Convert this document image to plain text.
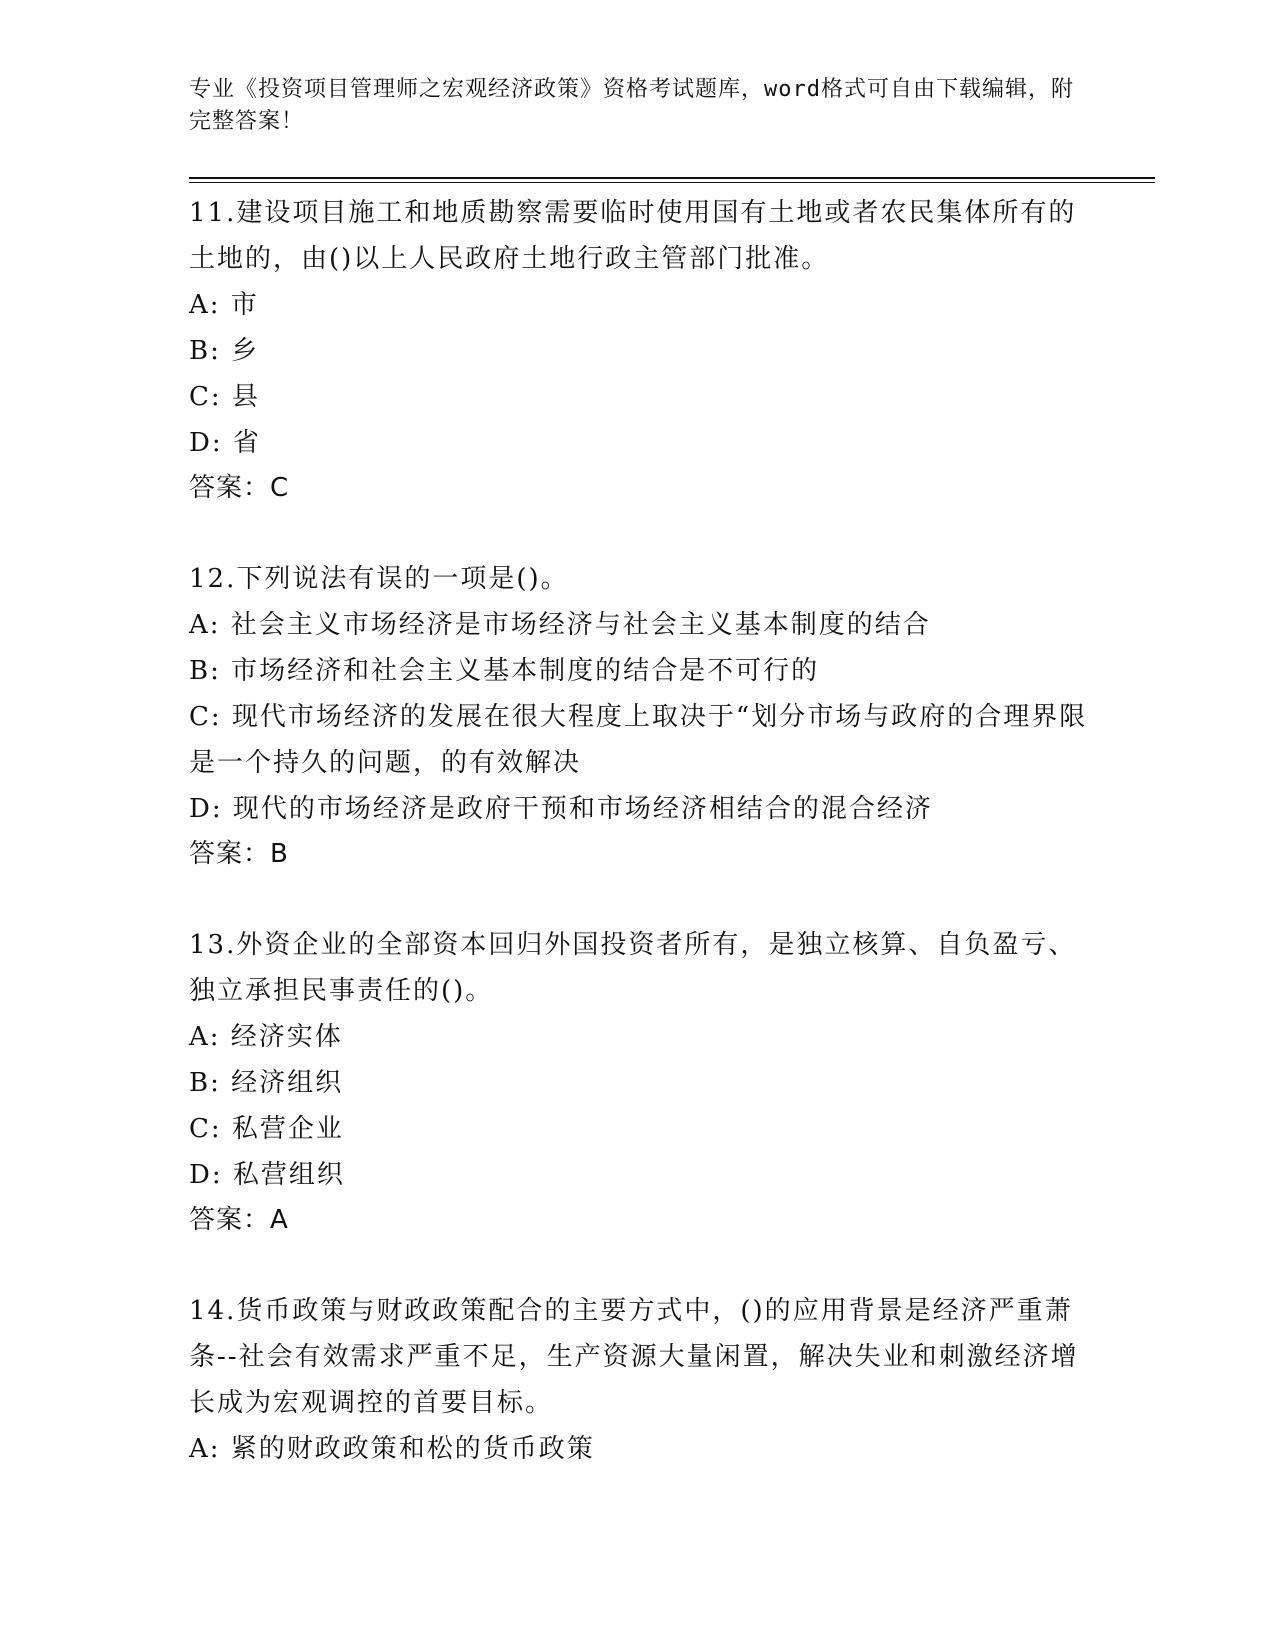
专业《投资项目管理师之宏观经济政策》资格考试题库，word格式可自由下载编辑，附完整答案！
11.建设项目施工和地质勘察需要临时使用国有土地或者农民集体所有的土地的，由()以上人民政府土地行政主管部门批准。
A: 市
B: 乡
C: 县
D: 省
答案：C
12.下列说法有误的一项是()。
A: 社会主义市场经济是市场经济与社会主义基本制度的结合
B: 市场经济和社会主义基本制度的结合是不可行的
C: 现代市场经济的发展在很大程度上取决于“划分市场与政府的合理界限是一个持久的问题，的有效解决
D: 现代的市场经济是政府干预和市场经济相结合的混合经济
答案：B
13.外资企业的全部资本回归外国投资者所有，是独立核算、自负盈亏、独立承担民事责任的()。
A: 经济实体
B: 经济组织
C: 私营企业
D: 私营组织
答案：A
14.货币政策与财政政策配合的主要方式中，()的应用背景是经济严重萧条--社会有效需求严重不足，生产资源大量闲置，解决失业和刺激经济增长成为宏观调控的首要目标。
A: 紧的财政政策和松的货币政策
